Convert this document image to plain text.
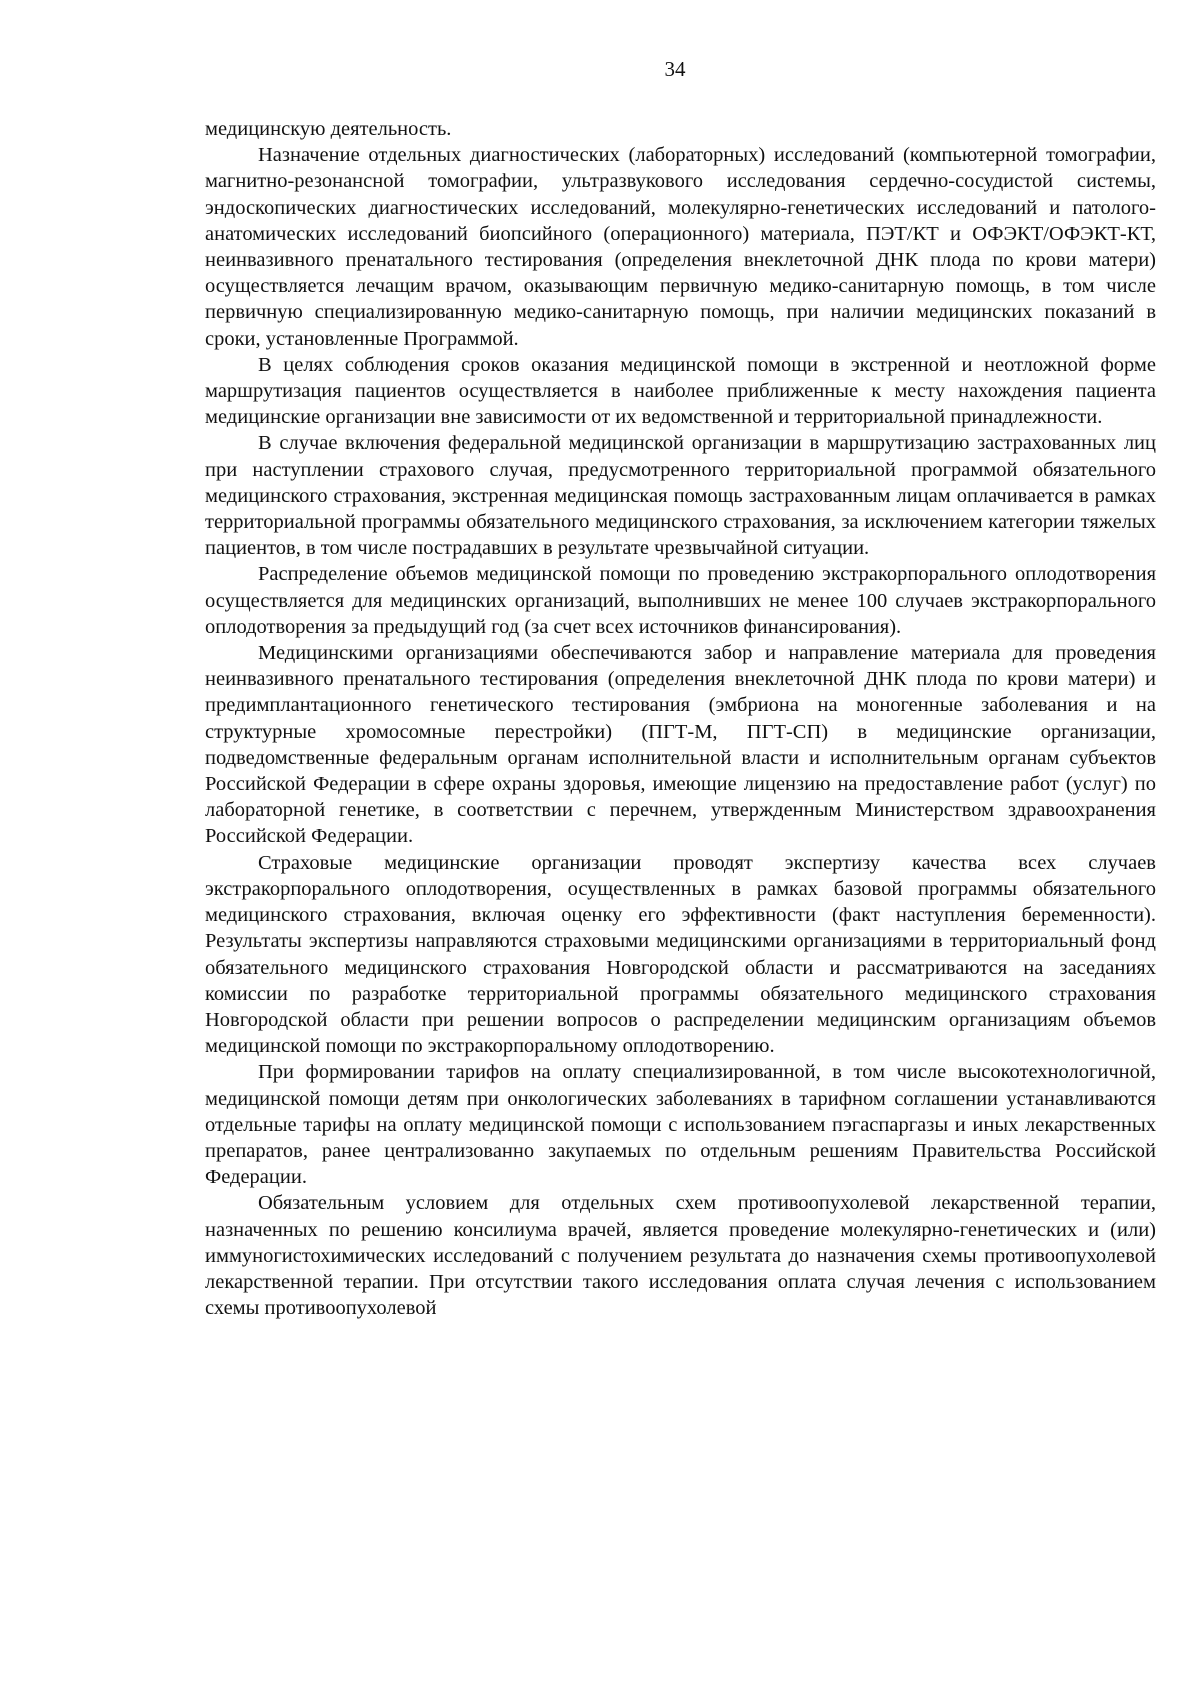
34

медицинскую деятельность.

Назначение отдельных диагностических (лабораторных) исследований (компьютерной томографии, магнитно-резонансной томографии, ультразвукового исследования сердечно-сосудистой системы, эндоскопических диагностических исследований, молекулярно-генетических исследований и патолого-анатомических исследований биопсийного (операционного) материала, ПЭТ/КТ и ОФЭКТ/ОФЭКТ-КТ, неинвазивного пренатального тестирования (определения внеклеточной ДНК плода по крови матери) осуществляется лечащим врачом, оказывающим первичную медико-санитарную помощь, в том числе первичную специализированную медико-санитарную помощь, при наличии медицинских показаний в сроки, установленные Программой.

В целях соблюдения сроков оказания медицинской помощи в экстренной и неотложной форме маршрутизация пациентов осуществляется в наиболее приближенные к месту нахождения пациента медицинские организации вне зависимости от их ведомственной и территориальной принадлежности.

В случае включения федеральной медицинской организации в маршрутизацию застрахованных лиц при наступлении страхового случая, предусмотренного территориальной программой обязательного медицинского страхования, экстренная медицинская помощь застрахованным лицам оплачивается в рамках территориальной программы обязательного медицинского страхования, за исключением категории тяжелых пациентов, в том числе пострадавших в результате чрезвычайной ситуации.

Распределение объемов медицинской помощи по проведению экстракорпорального оплодотворения осуществляется для медицинских организаций, выполнивших не менее 100 случаев экстракорпорального оплодотворения за предыдущий год (за счет всех источников финансирования).

Медицинскими организациями обеспечиваются забор и направление материала для проведения неинвазивного пренатального тестирования (определения внеклеточной ДНК плода по крови матери) и предимплантационного генетического тестирования (эмбриона на моногенные заболевания и на структурные хромосомные перестройки) (ПГТ-М, ПГТ-СП) в медицинские организации, подведомственные федеральным органам исполнительной власти и исполнительным органам субъектов Российской Федерации в сфере охраны здоровья, имеющие лицензию на предоставление работ (услуг) по лабораторной генетике, в соответствии с перечнем, утвержденным Министерством здравоохранения Российской Федерации.

Страховые медицинские организации проводят экспертизу качества всех случаев экстракорпорального оплодотворения, осуществленных в рамках базовой программы обязательного медицинского страхования, включая оценку его эффективности (факт наступления беременности). Результаты экспертизы направляются страховыми медицинскими организациями в территориальный фонд обязательного медицинского страхования Новгородской области и рассматриваются на заседаниях комиссии по разработке территориальной программы обязательного медицинского страхования Новгородской области при решении вопросов о распределении медицинским организациям объемов медицинской помощи по экстракорпоральному оплодотворению.

При формировании тарифов на оплату специализированной, в том числе высокотехнологичной, медицинской помощи детям при онкологических заболеваниях в тарифном соглашении устанавливаются отдельные тарифы на оплату медицинской помощи с использованием пэгаспаргазы и иных лекарственных препаратов, ранее централизованно закупаемых по отдельным решениям Правительства Российской Федерации.

Обязательным условием для отдельных схем противоопухолевой лекарственной терапии, назначенных по решению консилиума врачей, является проведение молекулярно-генетических и (или) иммуногистохимических исследований с получением результата до назначения схемы противоопухолевой лекарственной терапии. При отсутствии такого исследования оплата случая лечения с использованием схемы противоопухолевой
